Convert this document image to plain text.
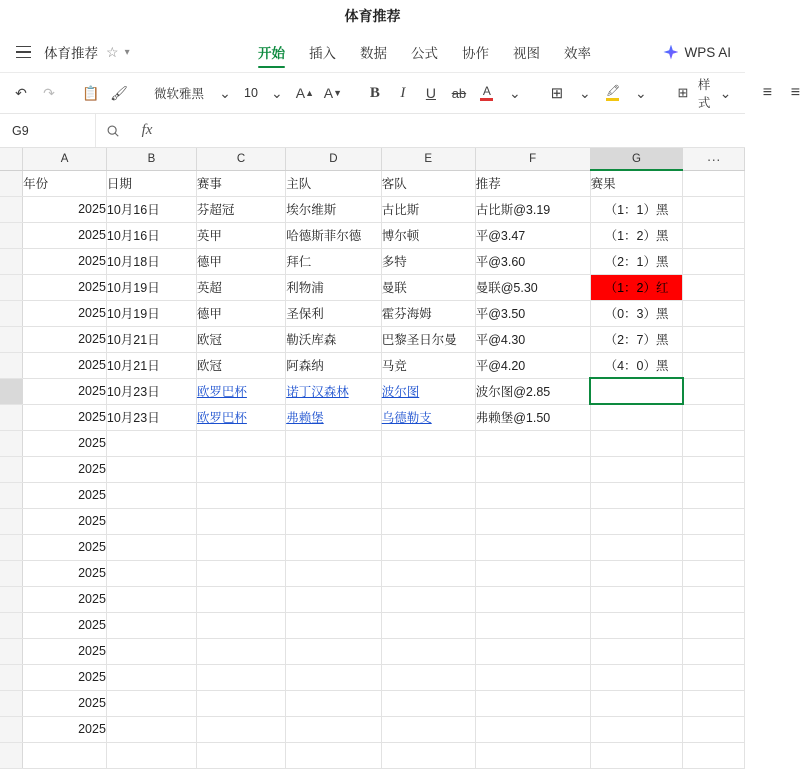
体育推荐
体育推荐 ☆ ▾	开始 插入 数据 公式 协作 视图 效率	WPS AI
↶	↷	📋 🖌	微软雅黑	⌄	10 ⌄ A ▲ A ▼	B	I	U	ab	A	⌄	⊞	⌄	🖍	⌄	⊞ 样式
⌄	≡	≡
G9	fx
	A	B	C	D	E	F	G	···
	年份	日期	赛事	主队	客队	推荐	赛果	
	2025	10月16日	芬超冠	埃尔维斯	古比斯	古比斯@3.19	（1：1）黑	
	2025	10月16日	英甲	哈德斯菲尔德	博尔顿	平@3.47	（1：2）黑	
	2025	10月18日	德甲	拜仁	多特	平@3.60	（2：1）黑	
	2025	10月19日	英超	利物浦	曼联	曼联@5.30	（1：2）红	
	2025	10月19日	德甲	圣保利	霍芬海姆	平@3.50	（0：3）黑	
	2025	10月21日	欧冠	勒沃库森	巴黎圣日尔曼	平@4.30	（2：7）黑	
	2025	10月21日	欧冠	阿森纳	马竞	平@4.20	（4：0）黑	
	2025	10月23日	欧罗巴杯	诺丁汉森林	波尔图	波尔图@2.85		
	2025	10月23日	欧罗巴杯	弗赖堡	乌德勒支	弗赖堡@1.50		
	2025							
	2025							
	2025							
	2025							
	2025							
	2025							
	2025							
	2025							
	2025							
	2025							
	2025							
	2025							
